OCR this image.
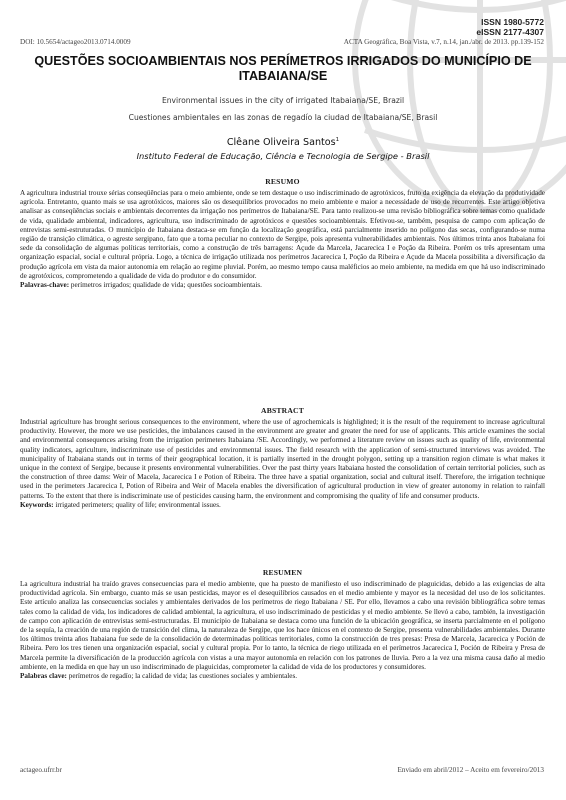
ISSN 1980-5772
eISSN 2177-4307
DOI: 10.5654/actageo2013.0714.0009	ACTA Geográfica, Boa Vista, v.7, n.14, jan./abr. de 2013. pp.139-152
QUESTÕES SOCIOAMBIENTAIS NOS PERÍMETROS IRRIGADOS DO MUNICÍPIO DE ITABAIANA/SE
Environmental issues in the city of irrigated Itabaiana/SE, Brazil
Cuestiones ambientales en las zonas de regadío la ciudad de Itabaiana/SE, Brasil
Clêane Oliveira Santos$^1$
Instituto Federal de Educação, Ciência e Tecnologia de Sergipe - Brasil
RESUMO

A agricultura industrial trouxe sérias conseqüências para o meio ambiente, onde se tem destaque o uso indiscriminado de agrotóxicos, fruto da exigência da elevação da produtividade agrícola. Entretanto, quanto mais se usa agrotóxicos, maiores são os desequilíbrios provocados no meio ambiente e maior a necessidade de uso de recorrentes. Este artigo objetiva analisar as conseqüências sociais e ambientais decorrentes da irrigação nos perímetros de Itabaiana/SE. Para tanto realizou-se uma revisão bibliográfica sobre temas como qualidade de vida, qualidade ambiental, indicadores, agricultura, uso indiscriminado de agrotóxicos e questões socioambientais. Efetivou-se, também, pesquisa de campo com aplicação de entrevistas semi-estruturadas. O município de Itabaiana destaca-se em função da localização geográfica, está parcialmente inserido no polígono das secas, configurando-se numa região de transição climática, o agreste sergipano, fato que a torna peculiar no contexto de Sergipe, pois apresenta vulnerabilidades ambientais. Nos últimos trinta anos Itabaiana foi sede da consolidação de algumas políticas territoriais, como a construção de três barragens: Açude da Marcela, Jacarecica I e Poção da Ribeira. Porém os três apresentam uma organização espacial, social e cultural própria. Logo, a técnica de irrigação utilizada nos perímetros Jacarecica I, Poção da Ribeira e Açude da Macela possibilita a diversificação da produção agrícola em vista da maior autonomia em relação ao regime pluvial. Porém, ao mesmo tempo causa maléficios ao meio ambiente, na medida em que há uso indiscriminado de agrotóxicos, comprometendo a qualidade de vida do produtor e do consumidor.

Palavras-chave: perímetros irrigados; qualidade de vida; questões socioambientais.
ABSTRACT

Industrial agriculture has brought serious consequences to the environment, where the use of agrochemicals is highlighted; it is the result of the requirement to increase agricultural productivity. However, the more we use pesticides, the imbalances caused in the environment are greater and greater the need for use of applicants. This article examines the social and environmental consequences arising from the irrigation perimeters Itabaiana /SE. Accordingly, we performed a literature review on issues such as quality of life, environmental quality indicators, agriculture, indiscriminate use of pesticides and environmental issues. The field research with the application of semi-structured interviews was avoided. The municipality of Itabaiana stands out in terms of their geographical location, it is partially inserted in the drought polygon, setting up a transition region climate is what makes it unique in the context of Sergipe, because it presents environmental vulnerabilities. Over the past thirty years Itabaiana hosted the consolidation of certain territorial policies, such as the construction of three dams: Weir of Macela, Jacarecica I e Potion of Ribeira. The three have a spatial organization, social and cultural itself. Therefore, the irrigation technique used in the perimeters Jacarecica I, Potion of Ribeira and Weir of Macela enables the diversification of agricultural production in view of greater autonomy in relation to rainfall patterns. To the extent that there is indiscriminate use of pesticides causing harm, the environment and compromising the quality of life and consumer products.

Keywords: irrigated perimeters; quality of life; environmental issues.
RESUMEN

La agricultura industrial ha traído graves consecuencias para el medio ambiente, que ha puesto de manifiesto el uso indiscriminado de plaguicidas, debido a las exigencias de alta productividad agrícola. Sin embargo, cuanto más se usan pesticidas, mayor es el desequilibrios causados en el medio ambiente y mayor es la necesidad del uso de los solicitantes. Este artículo analiza las consecuencias sociales y ambientales derivados de los perímetros de riego Itabaiana / SE. Por ello, llevamos a cabo una revisión bibliográfica sobre temas tales como la calidad de vida, los indicadores de calidad ambiental, la agricultura, el uso indiscriminado de pesticidas y el medio ambiente. Se llevó a cabo, también, la investigación de campo con aplicación de entrevistas semi-estructuradas. El municipio de Itabaiana se destaca como una función de la ubicación geográfica, se inserta parcialmente en el polígono de la sequía, la creación de una región de transición del clima, la naturaleza de Sergipe, que los hace únicos en el contexto de Sergipe, presenta vulnerabilidades ambientales. Durante los últimos treinta años Itabaiana fue sede de la consolidación de determinadas políticas territoriales, como la construcción de tres presas: Presa de Marcela, Jacarecica y Poción de Ribeira. Pero los tres tienen una organización espacial, social y cultural propia. Por lo tanto, la técnica de riego utilizada en el perímetros Jacarecica I, Poción de Ribeira y Presa de Marcela permite la diversificación de la producción agrícola con vistas a una mayor autonomía en relación con los patrones de lluvia. Pero a la vez una misma causa daño al medio ambiente, en la medida en que hay un uso indiscriminado de plaguicidas, comprometer la calidad de vida de los productores y consumidores.

Palabras clave: perímetros de regadío; la calidad de vida; las cuestiones sociales y ambientales.
actageo.ufrr.br	Enviado em abril/2012 – Aceito em fevereiro/2013
